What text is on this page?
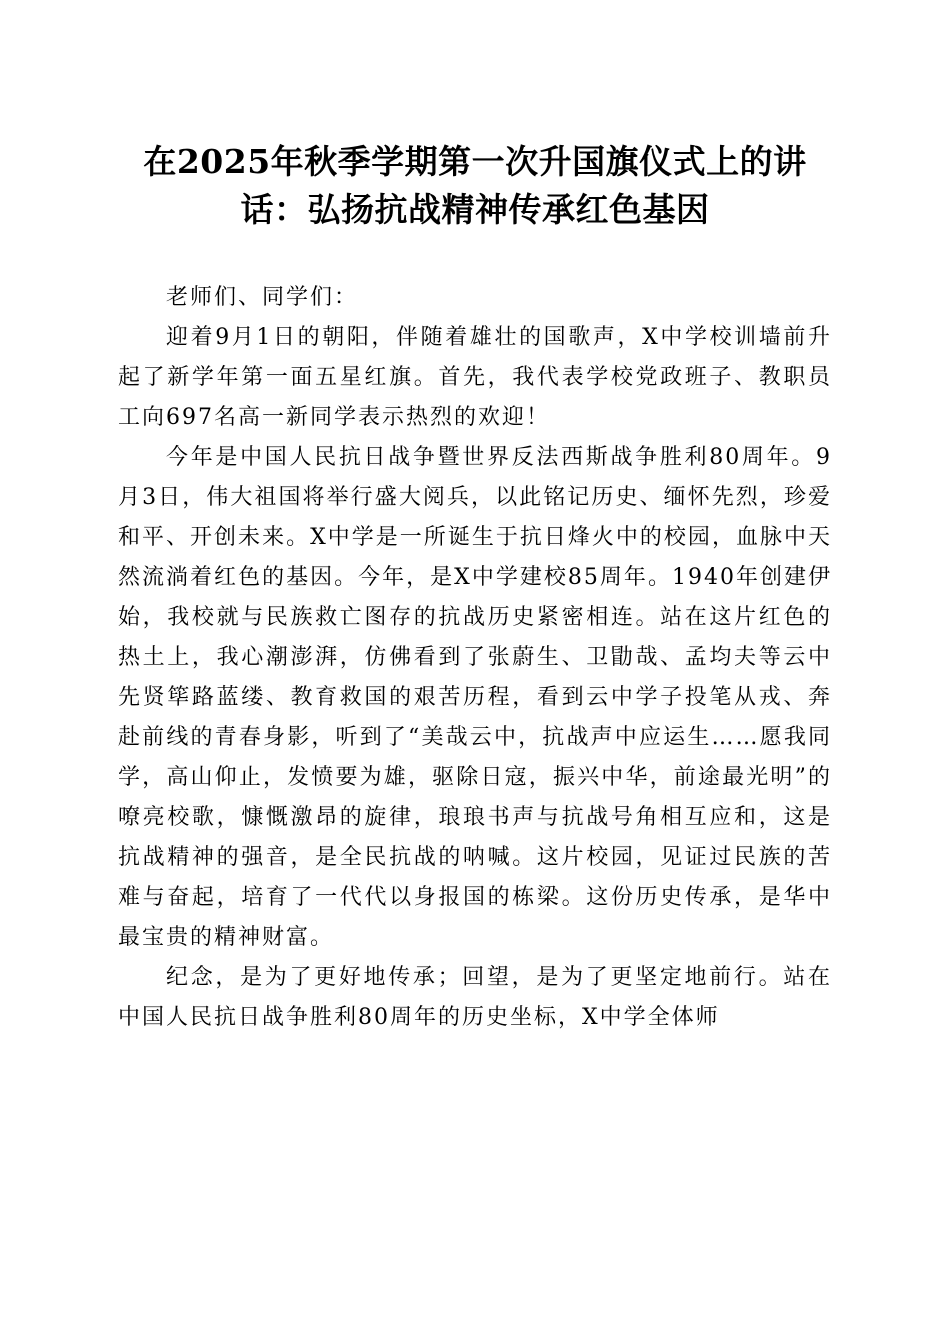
在2025年秋季学期第一次升国旗仪式上的讲话：弘扬抗战精神传承红色基因

老师们、同学们：

迎着9月1日的朝阳，伴随着雄壮的国歌声，X中学校训墙前升起了新学年第一面五星红旗。首先，我代表学校党政班子、教职员工向697名高一新同学表示热烈的欢迎！

今年是中国人民抗日战争暨世界反法西斯战争胜利80周年。9月3日，伟大祖国将举行盛大阅兵，以此铭记历史、缅怀先烈，珍爱和平、开创未来。X中学是一所诞生于抗日烽火中的校园，血脉中天然流淌着红色的基因。今年，是X中学建校85周年。1940年创建伊始，我校就与民族救亡图存的抗战历史紧密相连。站在这片红色的热土上，我心潮澎湃，仿佛看到了张蔚生、卫勖哉、孟均夫等云中先贤筚路蓝缕、教育救国的艰苦历程，看到云中学子投笔从戎、奔赴前线的青春身影，听到了“美哉云中，抗战声中应运生……愿我同学，高山仰止，发愤要为雄，驱除日寇，振兴中华，前途最光明”的嘹亮校歌，慷慨激昂的旋律，琅琅书声与抗战号角相互应和，这是抗战精神的强音，是全民抗战的呐喊。这片校园，见证过民族的苦难与奋起，培育了一代代以身报国的栋梁。这份历史传承，是华中最宝贵的精神财富。

纪念，是为了更好地传承；回望，是为了更坚定地前行。站在中国人民抗日战争胜利80周年的历史坐标，X中学全体师
